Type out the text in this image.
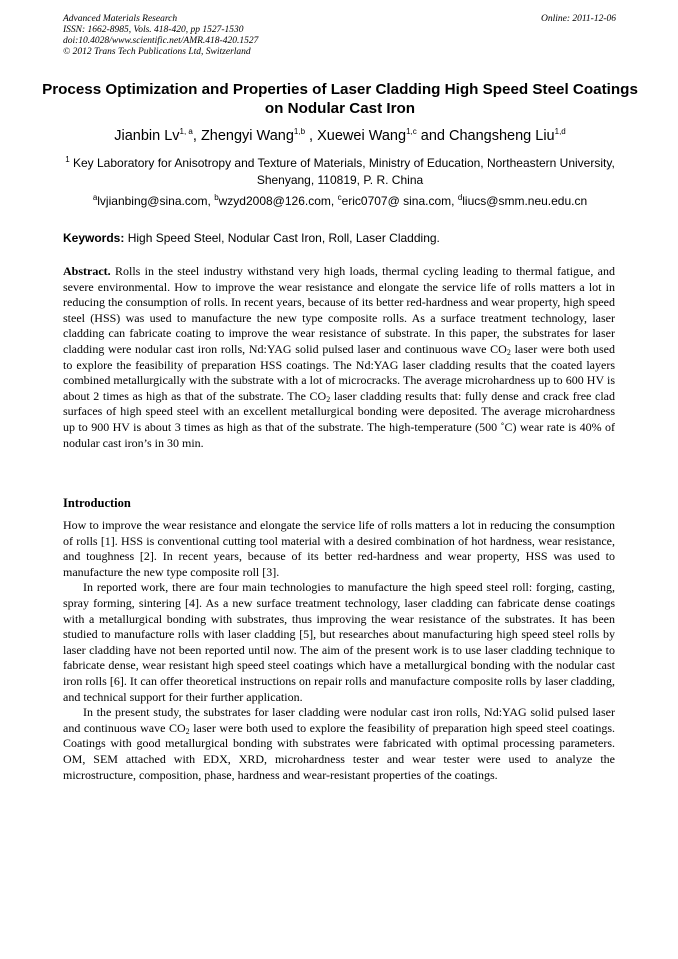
Advanced Materials Research
ISSN: 1662-8985, Vols. 418-420, pp 1527-1530
doi:10.4028/www.scientific.net/AMR.418-420.1527
© 2012 Trans Tech Publications Ltd, Switzerland
Online: 2011-12-06
Process Optimization and Properties of Laser Cladding High Speed Steel Coatings on Nodular Cast Iron
Jianbin Lv$^{1, a}$, Zhengyi Wang$^{1,b}$ , Xuewei Wang$^{1,c}$ and Changsheng Liu$^{1,d}$
$^1$ Key Laboratory for Anisotropy and Texture of Materials, Ministry of Education, Northeastern University, Shenyang, 110819, P. R. China
$^a$lvjianbing@sina.com, $^b$wzyd2008@126.com, $^c$eric0707@ sina.com, $^d$liucs@smm.neu.edu.cn
Keywords: High Speed Steel, Nodular Cast Iron, Roll, Laser Cladding.

Abstract. Rolls in the steel industry withstand very high loads, thermal cycling leading to thermal fatigue, and severe environmental. How to improve the wear resistance and elongate the service life of rolls matters a lot in reducing the consumption of rolls. In recent years, because of its better red-hardness and wear property, high speed steel (HSS) was used to manufacture the new type composite rolls. As a surface treatment technology, laser cladding can fabricate coating to improve the wear resistance of substrate. In this paper, the substrates for laser cladding were nodular cast iron rolls, Nd:YAG solid pulsed laser and continuous wave $CO_2$ laser were both used to explore the feasibility of preparation HSS coatings. The Nd:YAG laser cladding results that the coated layers combined metallurgically with the substrate with a lot of microcracks. The average microhardness up to 600 HV is about 2 times as high as that of the substrate. The $CO_2$ laser cladding results that: fully dense and crack free clad surfaces of high speed steel with an excellent metallurgical bonding were deposited. The average microhardness up to 900 HV is about 3 times as high as that of the substrate. The high-temperature (500 ˚C) wear rate is 40% of nodular cast iron’s in 30 min.

Introduction

How to improve the wear resistance and elongate the service life of rolls matters a lot in reducing the consumption of rolls [1]. HSS is conventional cutting tool material with a desired combination of hot hardness, wear resistance, and toughness [2]. In recent years, because of its better red-hardness and wear property, HSS was used to manufacture the new type composite roll [3].

In reported work, there are four main technologies to manufacture the high speed steel roll: forging, casting, spray forming, sintering [4]. As a new surface treatment technology, laser cladding can fabricate dense coatings with a metallurgical bonding with substrates, thus improving the wear resistance of the substrates. It has been studied to manufacture rolls with laser cladding [5], but researches about manufacturing high speed steel rolls by laser cladding have not been reported until now. The aim of the present work is to use laser cladding technique to fabricate dense, wear resistant high speed steel coatings which have a metallurgical bonding with the nodular cast iron rolls [6]. It can offer theoretical instructions on repair rolls and manufacture composite rolls by laser cladding, and technical support for their further application.

In the present study, the substrates for laser cladding were nodular cast iron rolls, Nd:YAG solid pulsed laser and continuous wave $CO_2$ laser were both used to explore the feasibility of preparation high speed steel coatings. Coatings with good metallurgical bonding with substrates were fabricated with optimal processing parameters. OM, SEM attached with EDX, XRD, microhardness tester and wear tester were used to analyze the microstructure, composition, phase, hardness and wear-resistant properties of the coatings.
